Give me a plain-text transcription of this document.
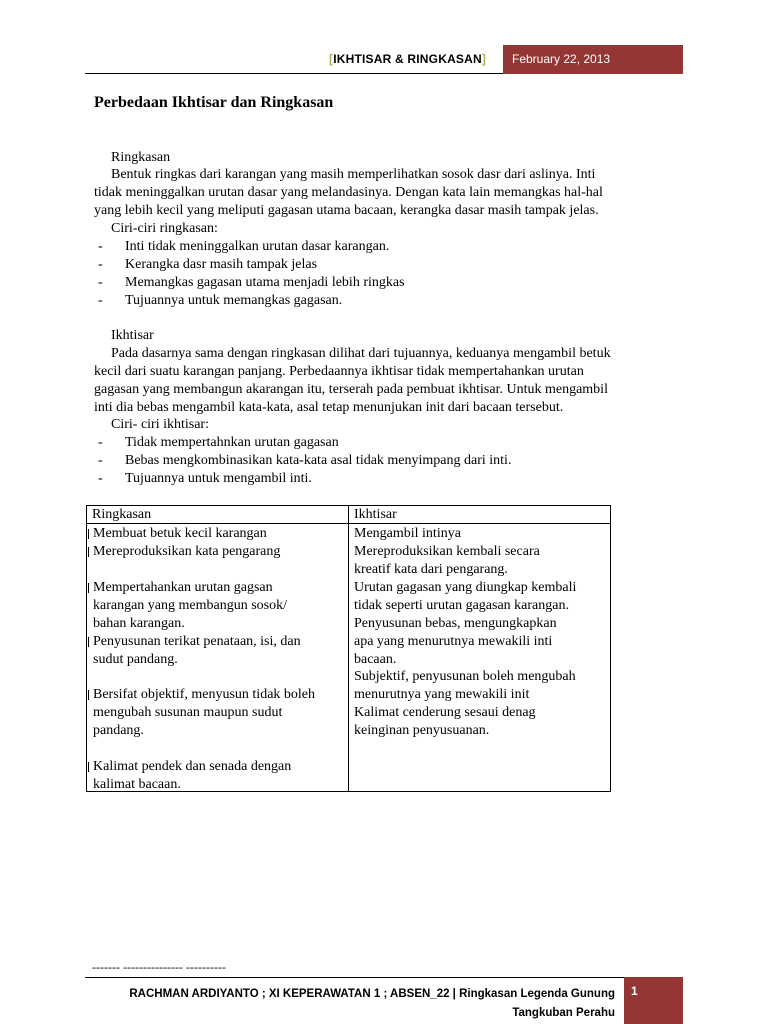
[IKHTISAR & RINGKASAN]	February 22, 2013
Perbedaan Ikhtisar dan Ringkasan
Ringkasan
Bentuk ringkas dari karangan yang masih memperlihatkan sosok dasr dari aslinya. Inti
tidak meninggalkan urutan dasar yang melandasinya. Dengan kata lain memangkas hal-hal
yang lebih kecil yang meliputi gagasan utama bacaan, kerangka dasar masih tampak jelas.
Ciri-ciri ringkasan:
- Inti tidak meninggalkan urutan dasar karangan.
- Kerangka dasr masih tampak jelas
- Memangkas gagasan utama menjadi lebih ringkas
- Tujuannya untuk memangkas gagasan.
Ikhtisar
Pada dasarnya sama dengan ringkasan dilihat dari tujuannya, keduanya mengambil betuk
kecil dari suatu karangan panjang. Perbedaannya ikhtisar tidak mempertahankan urutan
gagasan yang membangun akarangan itu, terserah pada pembuat ikhtisar. Untuk mengambil
inti dia bebas mengambil kata-kata, asal tetap menunjukan init dari bacaan tersebut.
Ciri- ciri ikhtisar:
- Tidak mempertahnkan urutan gagasan
- Bebas mengkombinasikan kata-kata asal tidak menyimpang dari inti.
- Tujuannya untuk mengambil inti.
Ringkasan	Ikhtisar
Membuat betuk kecil karangan
Mereproduksikan kata pengarang
Mempertahankan urutan gagsan
karangan yang membangun sosok/
bahan karangan.
Penyusunan terikat penataan, isi, dan
sudut pandang.
Bersifat objektif, menyusun tidak boleh
mengubah susunan maupun sudut
pandang.
Kalimat pendek dan senada dengan
kalimat bacaan.
Mengambil intinya
Mereproduksikan kembali secara
kreatif kata dari pengarang.
Urutan gagasan yang diungkap kembali
tidak seperti urutan gagasan karangan.
Penyusunan bebas, mengungkapkan
apa yang menurutnya mewakili inti
bacaan.
Subjektif, penyusunan boleh mengubah
menurutnya yang mewakili init
Kalimat cenderung sesaui denag
keinginan penyusuanan.
------- --------------- ----------
RACHMAN ARDIYANTO ; XI KEPERAWATAN 1 ; ABSEN_22 | Ringkasan Legenda Gunung
Tangkuban Perahu
1
